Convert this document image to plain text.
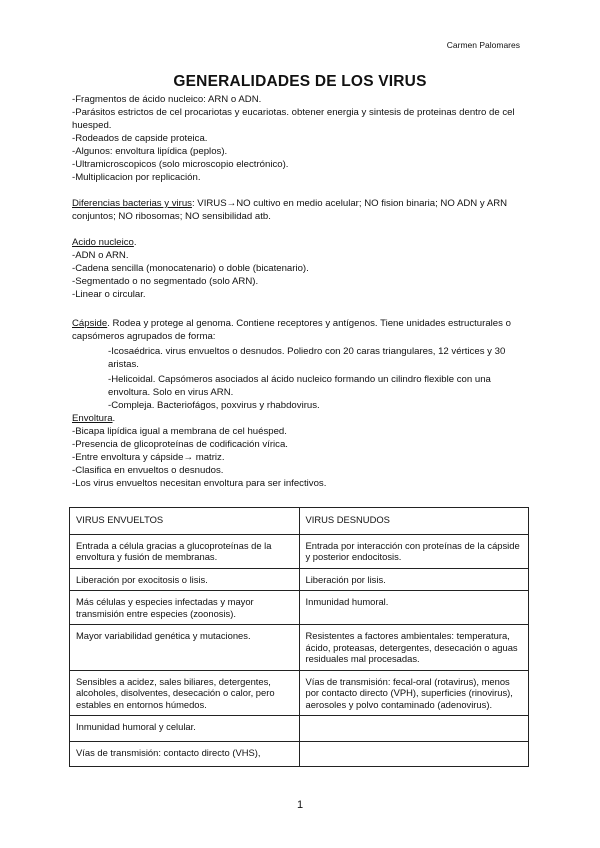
Carmen Palomares
GENERALIDADES DE LOS VIRUS

-Fragmentos de ácido nucleico: ARN o ADN.

-Parásitos estrictos de cel procariotas y eucariotas. obtener energia y sintesis de proteinas dentro de cel huesped.

-Rodeados de capside proteica.

-Algunos: envoltura lipídica (peplos).

-Ultramicroscopicos (solo microscopio electrónico).

-Multiplicacion por replicación.

Diferencias bacterias y virus: VIRUS→NO cultivo en medio acelular; NO fision binaria; NO ADN y ARN conjuntos; NO ribosomas; NO sensibilidad atb.

Acido nucleico.

-ADN o ARN.

-Cadena sencilla (monocatenario) o doble (bicatenario).

-Segmentado o no segmentado (solo ARN).

-Linear o circular.

Cápside. Rodea y protege al genoma. Contiene receptores y antígenos. Tiene unidades estructurales o capsómeros agrupados de forma:

-Icosaédrica. virus envueltos o desnudos. Poliedro con 20 caras triangulares, 12 vértices y 30 aristas.

-Helicoidal. Capsómeros asociados al ácido nucleico formando un cilindro flexible con una envoltura. Solo en virus ARN.

-Compleja. Bacteriofágos, poxvirus y rhabdovirus.

Envoltura.

-Bicapa lipídica igual a membrana de cel huésped.

-Presencia de glicoproteínas de codificación vírica.

-Entre envoltura y cápside→ matriz.

-Clasifica en envueltos o desnudos.

-Los virus envueltos necesitan envoltura para ser infectivos.

VIRUS ENVUELTOS	VIRUS DESNUDOS
Entrada a célula gracias a glucoproteínas de la envoltura y fusión de membranas.	Entrada por interacción con proteínas de la cápside y posterior endocitosis.
Liberación por exocitosis o lisis.	Liberación por lisis.
Más células y especies infectadas y mayor transmisión entre especies (zoonosis).	Inmunidad humoral.
Mayor variabilidad genética y mutaciones.	Resistentes a factores ambientales: temperatura, ácido, proteasas, detergentes, desecación o aguas residuales mal procesadas.
Sensibles a acidez, sales biliares, detergentes, alcoholes, disolventes, desecación o calor, pero estables en entornos húmedos.	Vías de transmisión: fecal-oral (rotavirus), menos por contacto directo (VPH), superficies (rinovirus), aerosoles y polvo contaminado (adenovirus).
Inmunidad humoral y celular.	
Vías de transmisión: contacto directo (VHS),	
1
